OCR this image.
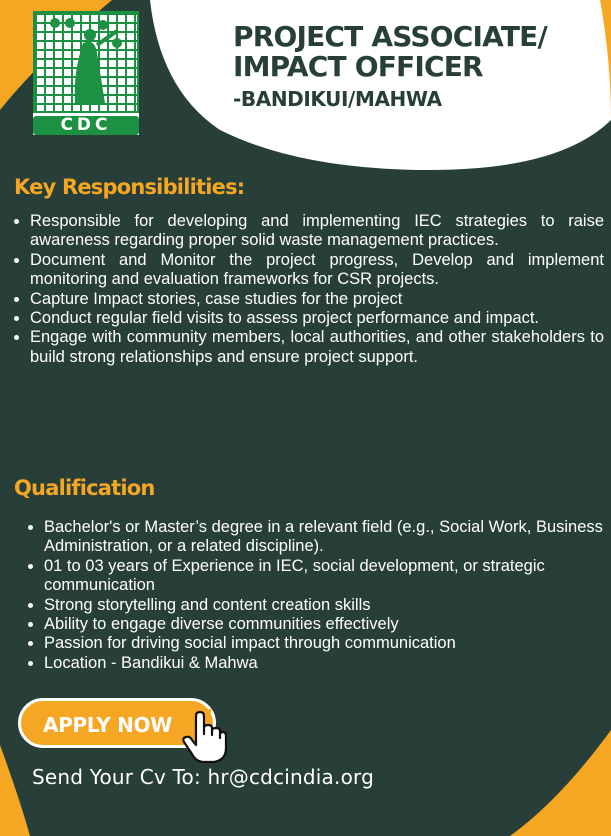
CDC
PROJECT ASSOCIATE/
IMPACT OFFICER
-BANDIKUI/MAHWA
Key Responsibilities:
• Responsible for developing and implementing IEC strategies to raise awareness regarding proper solid waste management practices.
• Document and Monitor the project progress, Develop and implement monitoring and evaluation frameworks for CSR projects.
• Capture Impact stories, case studies for the project
• Conduct regular field visits to assess project performance and impact.
• Engage with community members, local authorities, and other stakeholders to build strong relationships and ensure project support.
Qualification
• Bachelor's or Master’s degree in a relevant field (e.g., Social Work, Business Administration, or a related discipline).
• 01 to 03 years of Experience in IEC, social development, or strategic communication
• Strong storytelling and content creation skills
• Ability to engage diverse communities effectively
• Passion for driving social impact through communication
• Location - Bandikui & Mahwa
APPLY NOW
Send Your Cv To: hr@cdcindia.org
